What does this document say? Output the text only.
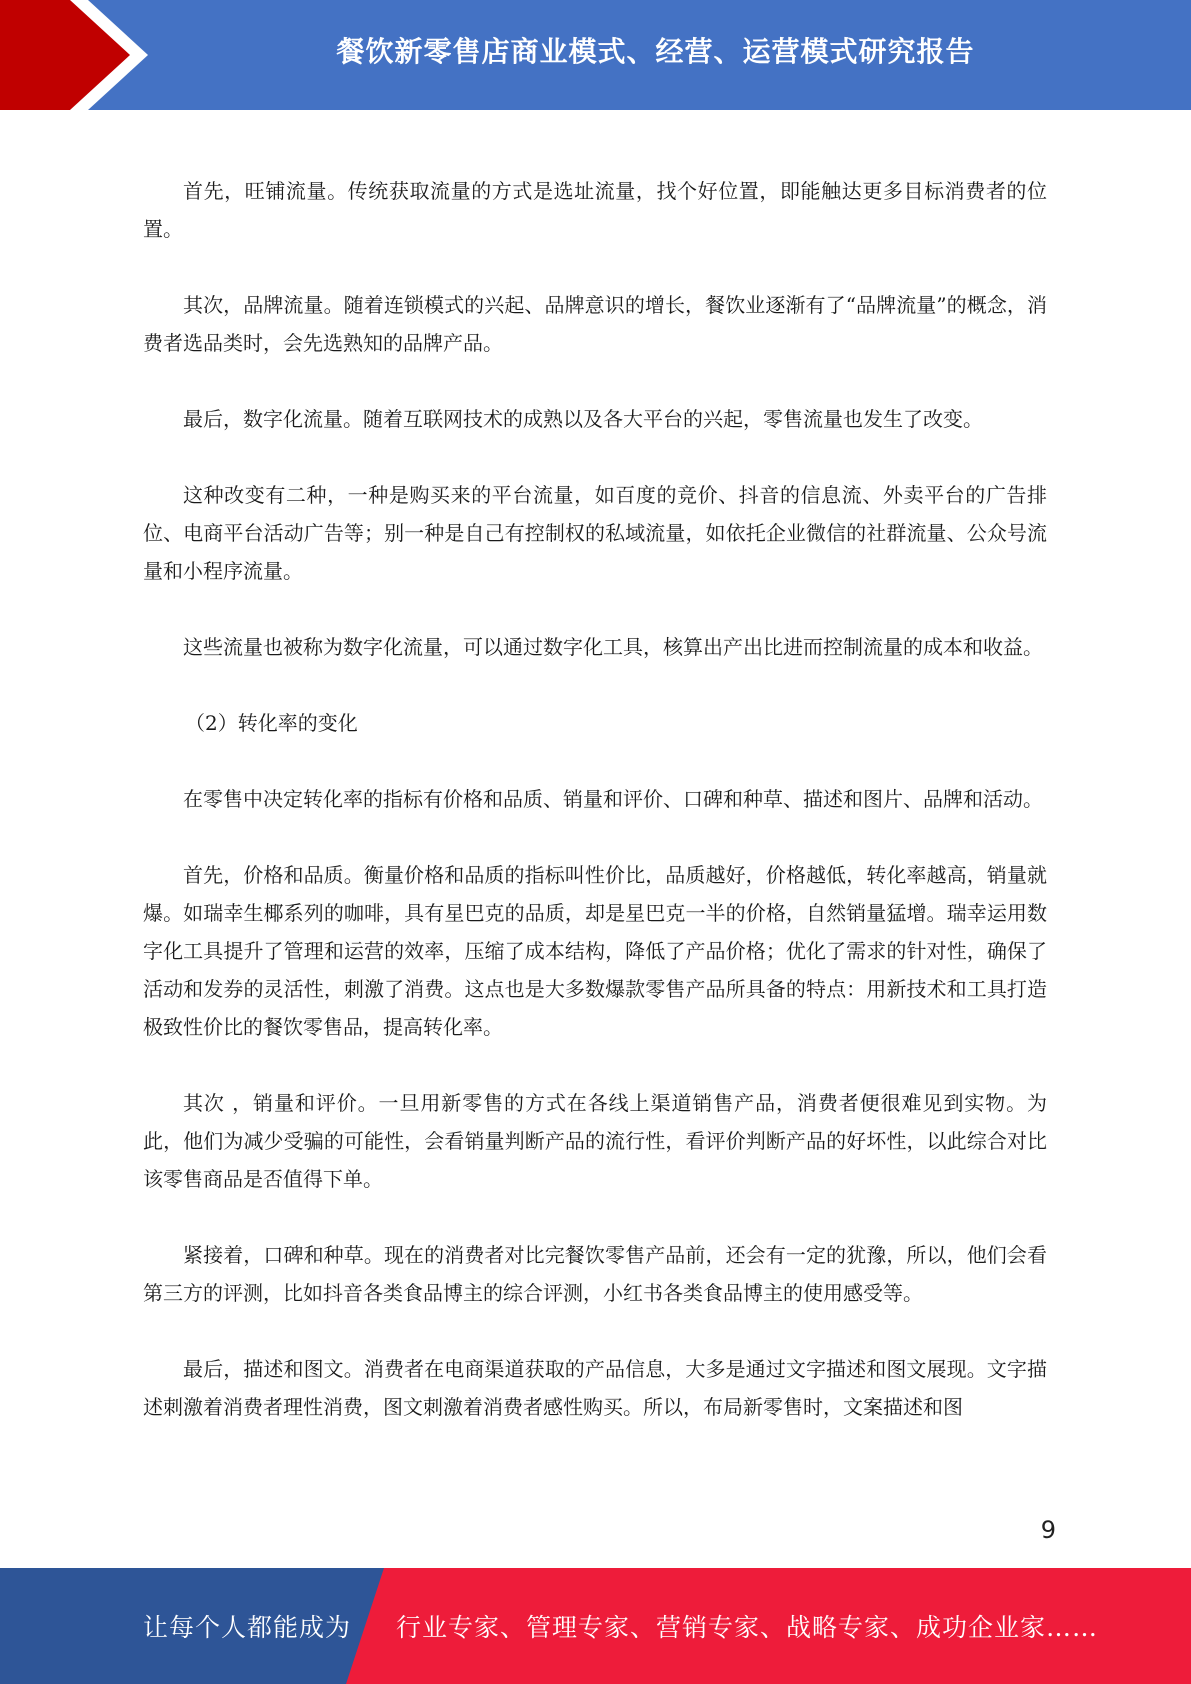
餐饮新零售店商业模式、经营、运营模式研究报告

首先，旺铺流量。传统获取流量的方式是选址流量，找个好位置，即能触达更多目标消费者的位置。

其次，品牌流量。随着连锁模式的兴起、品牌意识的增长，餐饮业逐渐有了“品牌流量”的概念，消费者选品类时，会先选熟知的品牌产品。

最后，数字化流量。随着互联网技术的成熟以及各大平台的兴起，零售流量也发生了改变。

这种改变有二种，一种是购买来的平台流量，如百度的竞价、抖音的信息流、外卖平台的广告排位、电商平台活动广告等；别一种是自己有控制权的私域流量，如依托企业微信的社群流量、公众号流量和小程序流量。

这些流量也被称为数字化流量，可以通过数字化工具，核算出产出比进而控制流量的成本和收益。

（2）转化率的变化

在零售中决定转化率的指标有价格和品质、销量和评价、口碑和种草、描述和图片、品牌和活动。

首先，价格和品质。衡量价格和品质的指标叫性价比，品质越好，价格越低，转化率越高，销量就爆。如瑞幸生椰系列的咖啡，具有星巴克的品质，却是星巴克一半的价格，自然销量猛增。瑞幸运用数字化工具提升了管理和运营的效率，压缩了成本结构，降低了产品价格；优化了需求的针对性，确保了活动和发券的灵活性，刺激了消费。这点也是大多数爆款零售产品所具备的特点：用新技术和工具打造极致性价比的餐饮零售品，提高转化率。

其次 ，销量和评价。一旦用新零售的方式在各线上渠道销售产品，消费者便很难见到实物。为此，他们为减少受骗的可能性，会看销量判断产品的流行性，看评价判断产品的好坏性，以此综合对比该零售商品是否值得下单。

紧接着，口碑和种草。现在的消费者对比完餐饮零售产品前，还会有一定的犹豫，所以，他们会看第三方的评测，比如抖音各类食品博主的综合评测，小红书各类食品博主的使用感受等。

最后，描述和图文。消费者在电商渠道获取的产品信息，大多是通过文字描述和图文展现。文字描述刺激着消费者理性消费，图文刺激着消费者感性购买。所以，布局新零售时，文案描述和图

9
让每个人都能成为 行业专家、管理专家、营销专家、战略专家、成功企业家……
